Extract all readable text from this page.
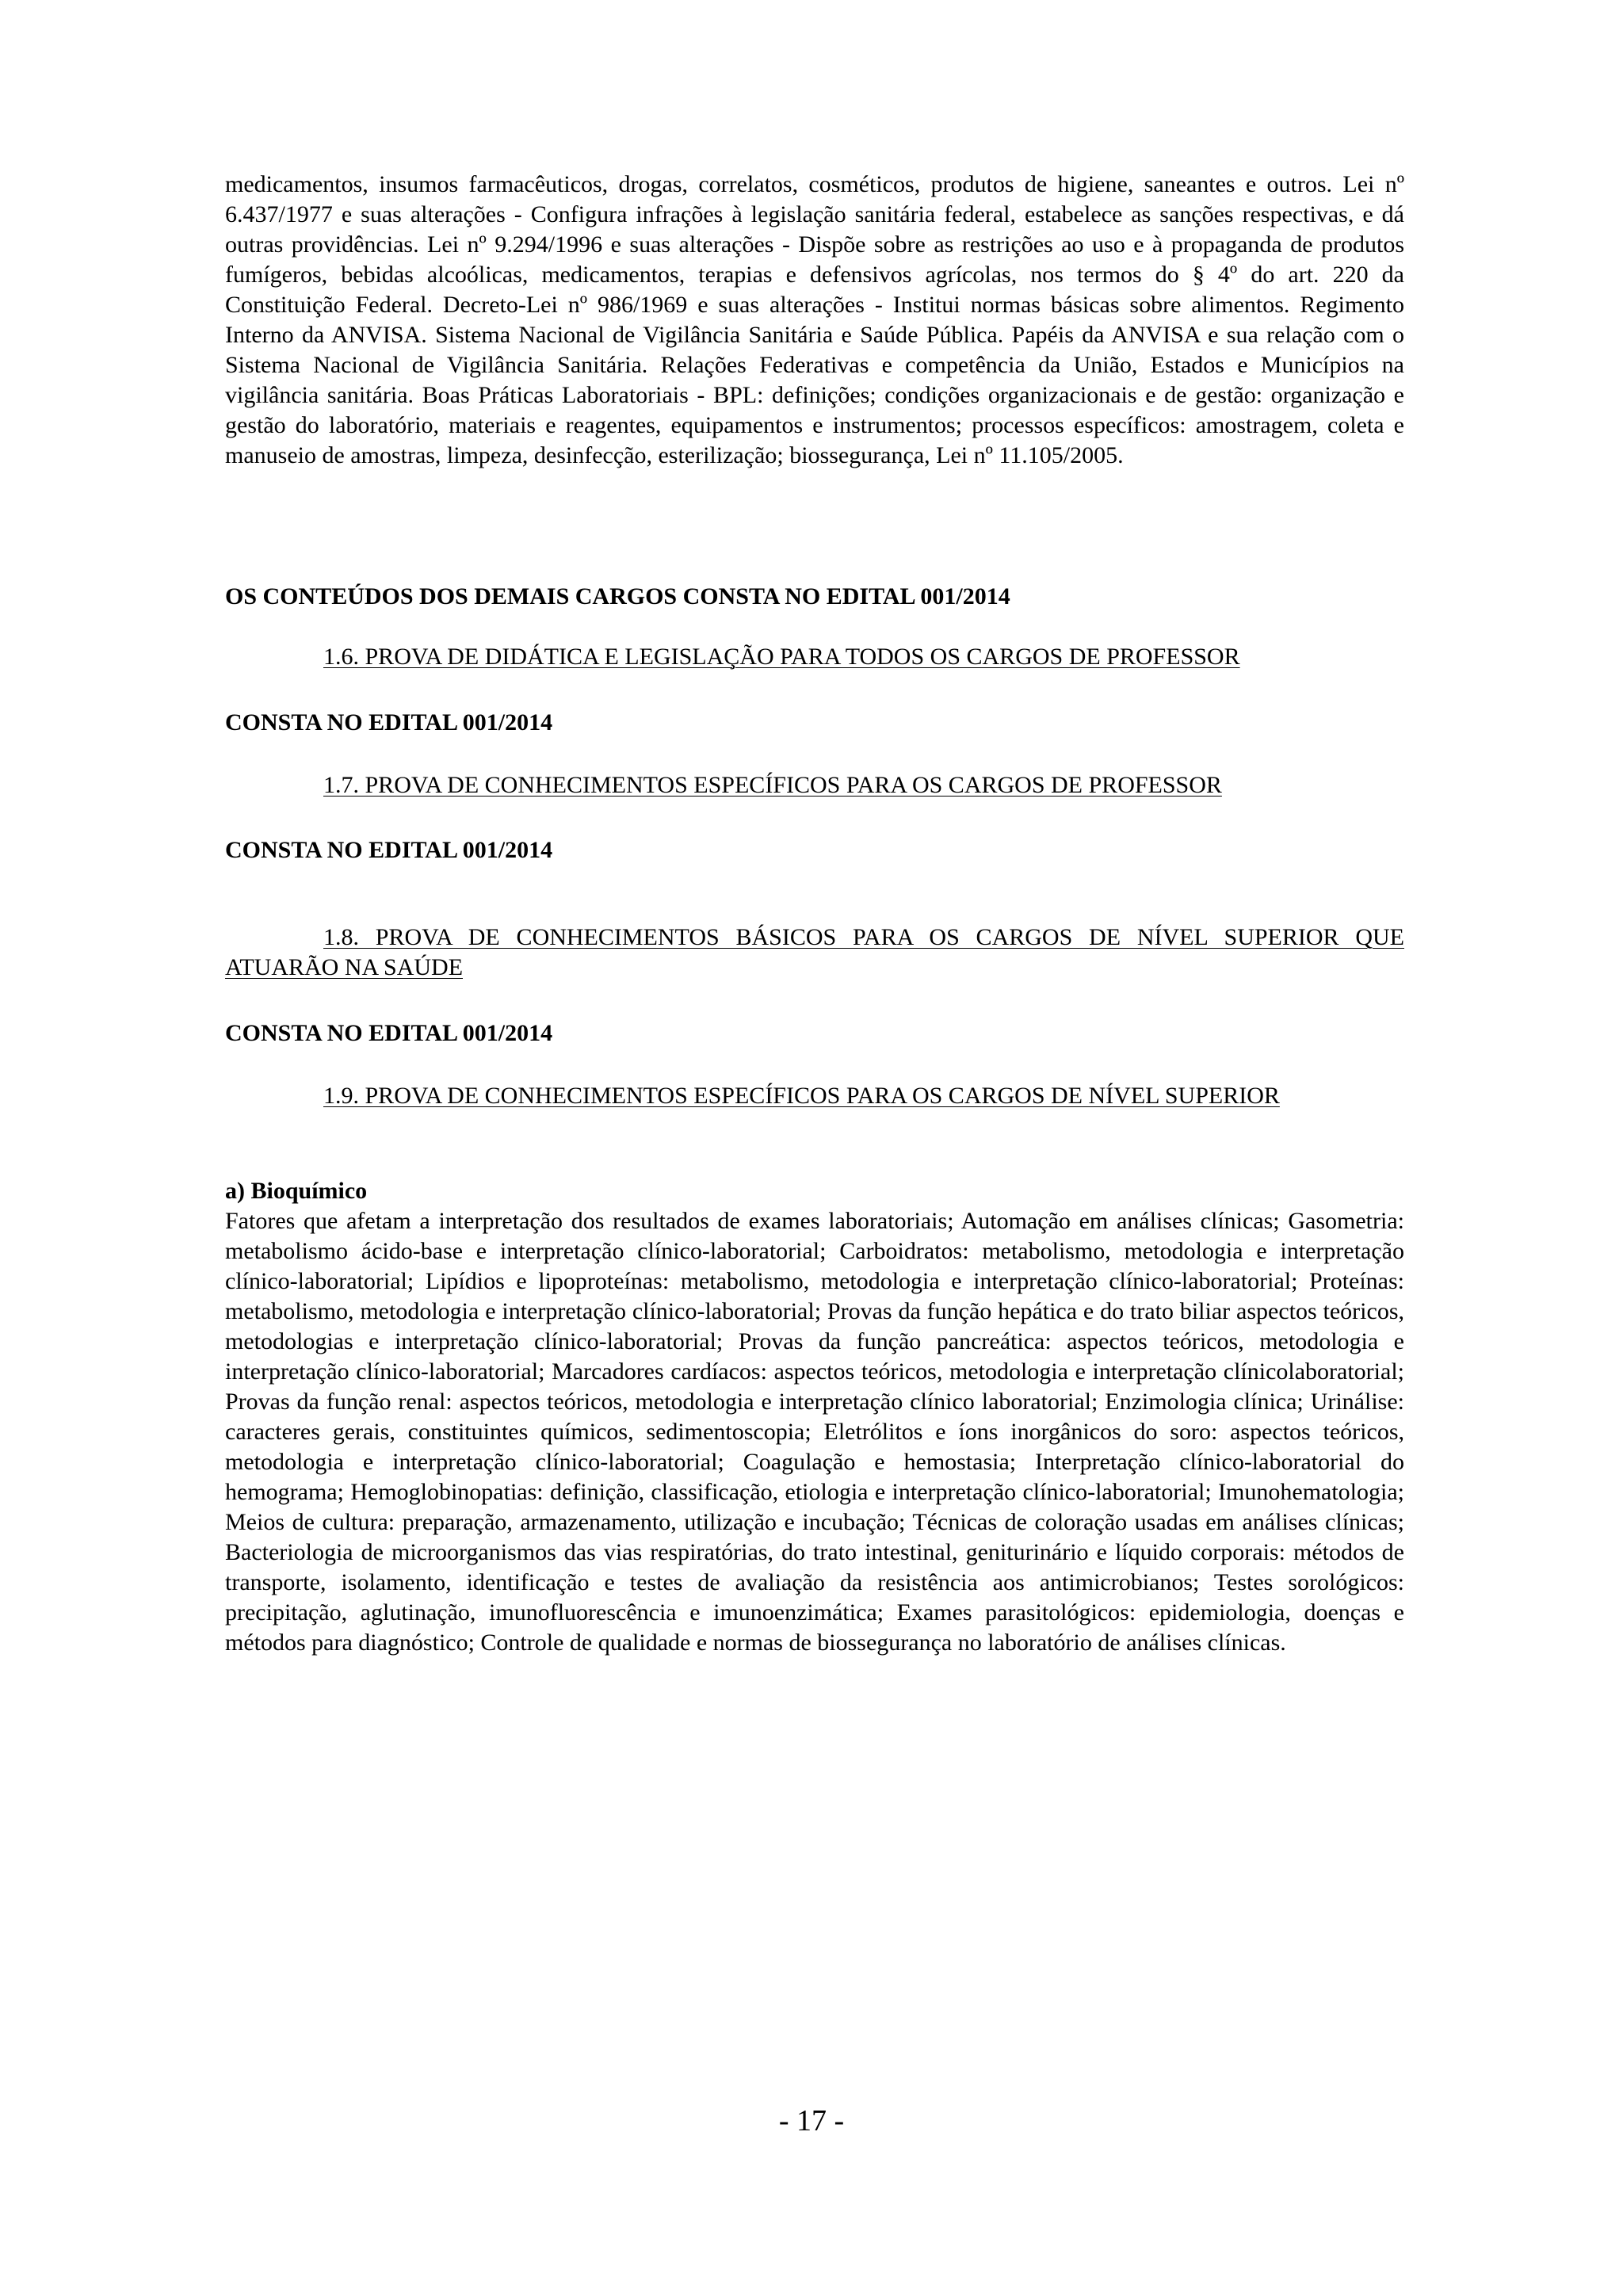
medicamentos, insumos farmacêuticos, drogas, correlatos, cosméticos, produtos de higiene, saneantes e outros. Lei nº 6.437/1977 e suas alterações - Configura infrações à legislação sanitária federal, estabelece as sanções respectivas, e dá outras providências. Lei nº 9.294/1996 e suas alterações - Dispõe sobre as restrições ao uso e à propaganda de produtos fumígeros, bebidas alcoólicas, medicamentos, terapias e defensivos agrícolas, nos termos do § 4º do art. 220 da Constituição Federal. Decreto-Lei nº 986/1969 e suas alterações - Institui normas básicas sobre alimentos. Regimento Interno da ANVISA. Sistema Nacional de Vigilância Sanitária e Saúde Pública. Papéis da ANVISA e sua relação com o Sistema Nacional de Vigilância Sanitária. Relações Federativas e competência da União, Estados e Municípios na vigilância sanitária. Boas Práticas Laboratoriais - BPL: definições; condições organizacionais e de gestão: organização e gestão do laboratório, materiais e reagentes, equipamentos e instrumentos; processos específicos: amostragem, coleta e manuseio de amostras, limpeza, desinfecção, esterilização; biossegurança, Lei nº 11.105/2005.

OS CONTEÚDOS DOS DEMAIS CARGOS CONSTA NO EDITAL 001/2014

1.6. PROVA DE DIDÁTICA E LEGISLAÇÃO PARA TODOS OS CARGOS DE PROFESSOR

CONSTA NO EDITAL 001/2014

1.7. PROVA DE CONHECIMENTOS ESPECÍFICOS PARA OS CARGOS DE PROFESSOR

CONSTA NO EDITAL 001/2014

1.8. PROVA DE CONHECIMENTOS BÁSICOS PARA OS CARGOS DE NÍVEL SUPERIOR QUE ATUARÃO NA SAÚDE

CONSTA NO EDITAL 001/2014

1.9. PROVA DE CONHECIMENTOS ESPECÍFICOS PARA OS CARGOS DE NÍVEL SUPERIOR

a) Bioquímico

Fatores que afetam a interpretação dos resultados de exames laboratoriais; Automação em análises clínicas; Gasometria: metabolismo ácido-base e interpretação clínico-laboratorial; Carboidratos: metabolismo, metodologia e interpretação clínico-laboratorial; Lipídios e lipoproteínas: metabolismo, metodologia e interpretação clínico-laboratorial; Proteínas: metabolismo, metodologia e interpretação clínico-laboratorial; Provas da função hepática e do trato biliar aspectos teóricos, metodologias e interpretação clínico-laboratorial; Provas da função pancreática: aspectos teóricos, metodologia e interpretação clínico-laboratorial; Marcadores cardíacos: aspectos teóricos, metodologia e interpretação clínicolaboratorial; Provas da função renal: aspectos teóricos, metodologia e interpretação clínico laboratorial; Enzimologia clínica; Urinálise: caracteres gerais, constituintes químicos, sedimentoscopia; Eletrólitos e íons inorgânicos do soro: aspectos teóricos, metodologia e interpretação clínico-laboratorial; Coagulação e hemostasia; Interpretação clínico-laboratorial do hemograma; Hemoglobinopatias: definição, classificação, etiologia e interpretação clínico-laboratorial; Imunohematologia; Meios de cultura: preparação, armazenamento, utilização e incubação; Técnicas de coloração usadas em análises clínicas; Bacteriologia de microorganismos das vias respiratórias, do trato intestinal, geniturinário e líquido corporais: métodos de transporte, isolamento, identificação e testes de avaliação da resistência aos antimicrobianos; Testes sorológicos: precipitação, aglutinação, imunofluorescência e imunoenzimática; Exames parasitológicos: epidemiologia, doenças e métodos para diagnóstico; Controle de qualidade e normas de biossegurança no laboratório de análises clínicas.

- 17 -
